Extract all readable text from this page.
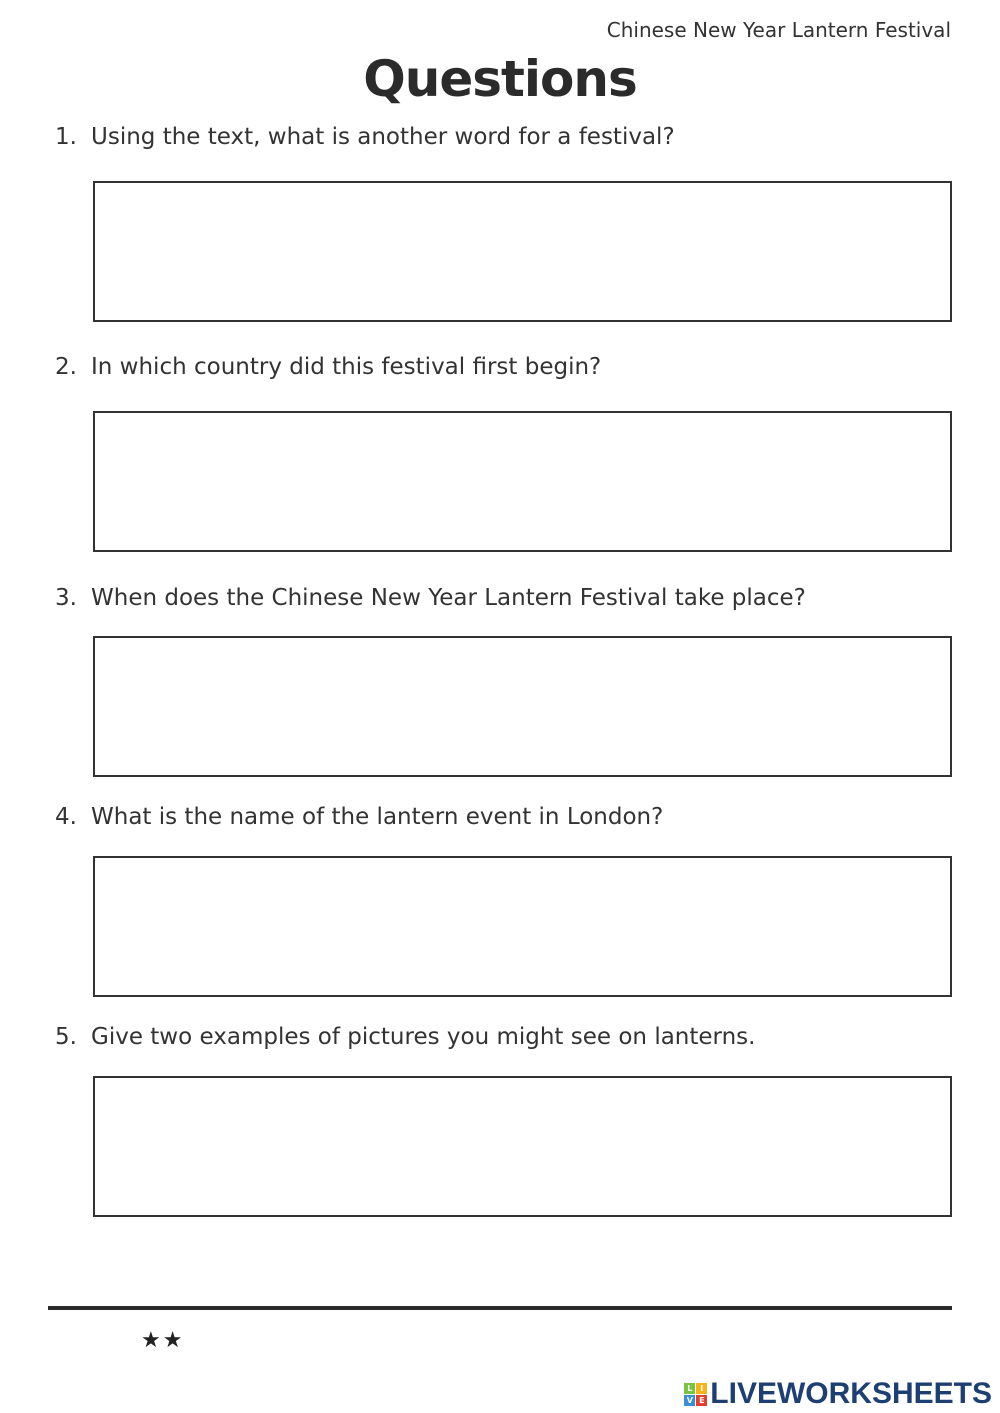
Chinese New Year Lantern Festival
Questions
1. Using the text, what is another word for a festival?
2. In which country did this festival first begin?
3. When does the Chinese New Year Lantern Festival take place?
4. What is the name of the lantern event in London?
5. Give two examples of pictures you might see on lanterns.
★★
L I
V E LIVEWORKSHEETS
